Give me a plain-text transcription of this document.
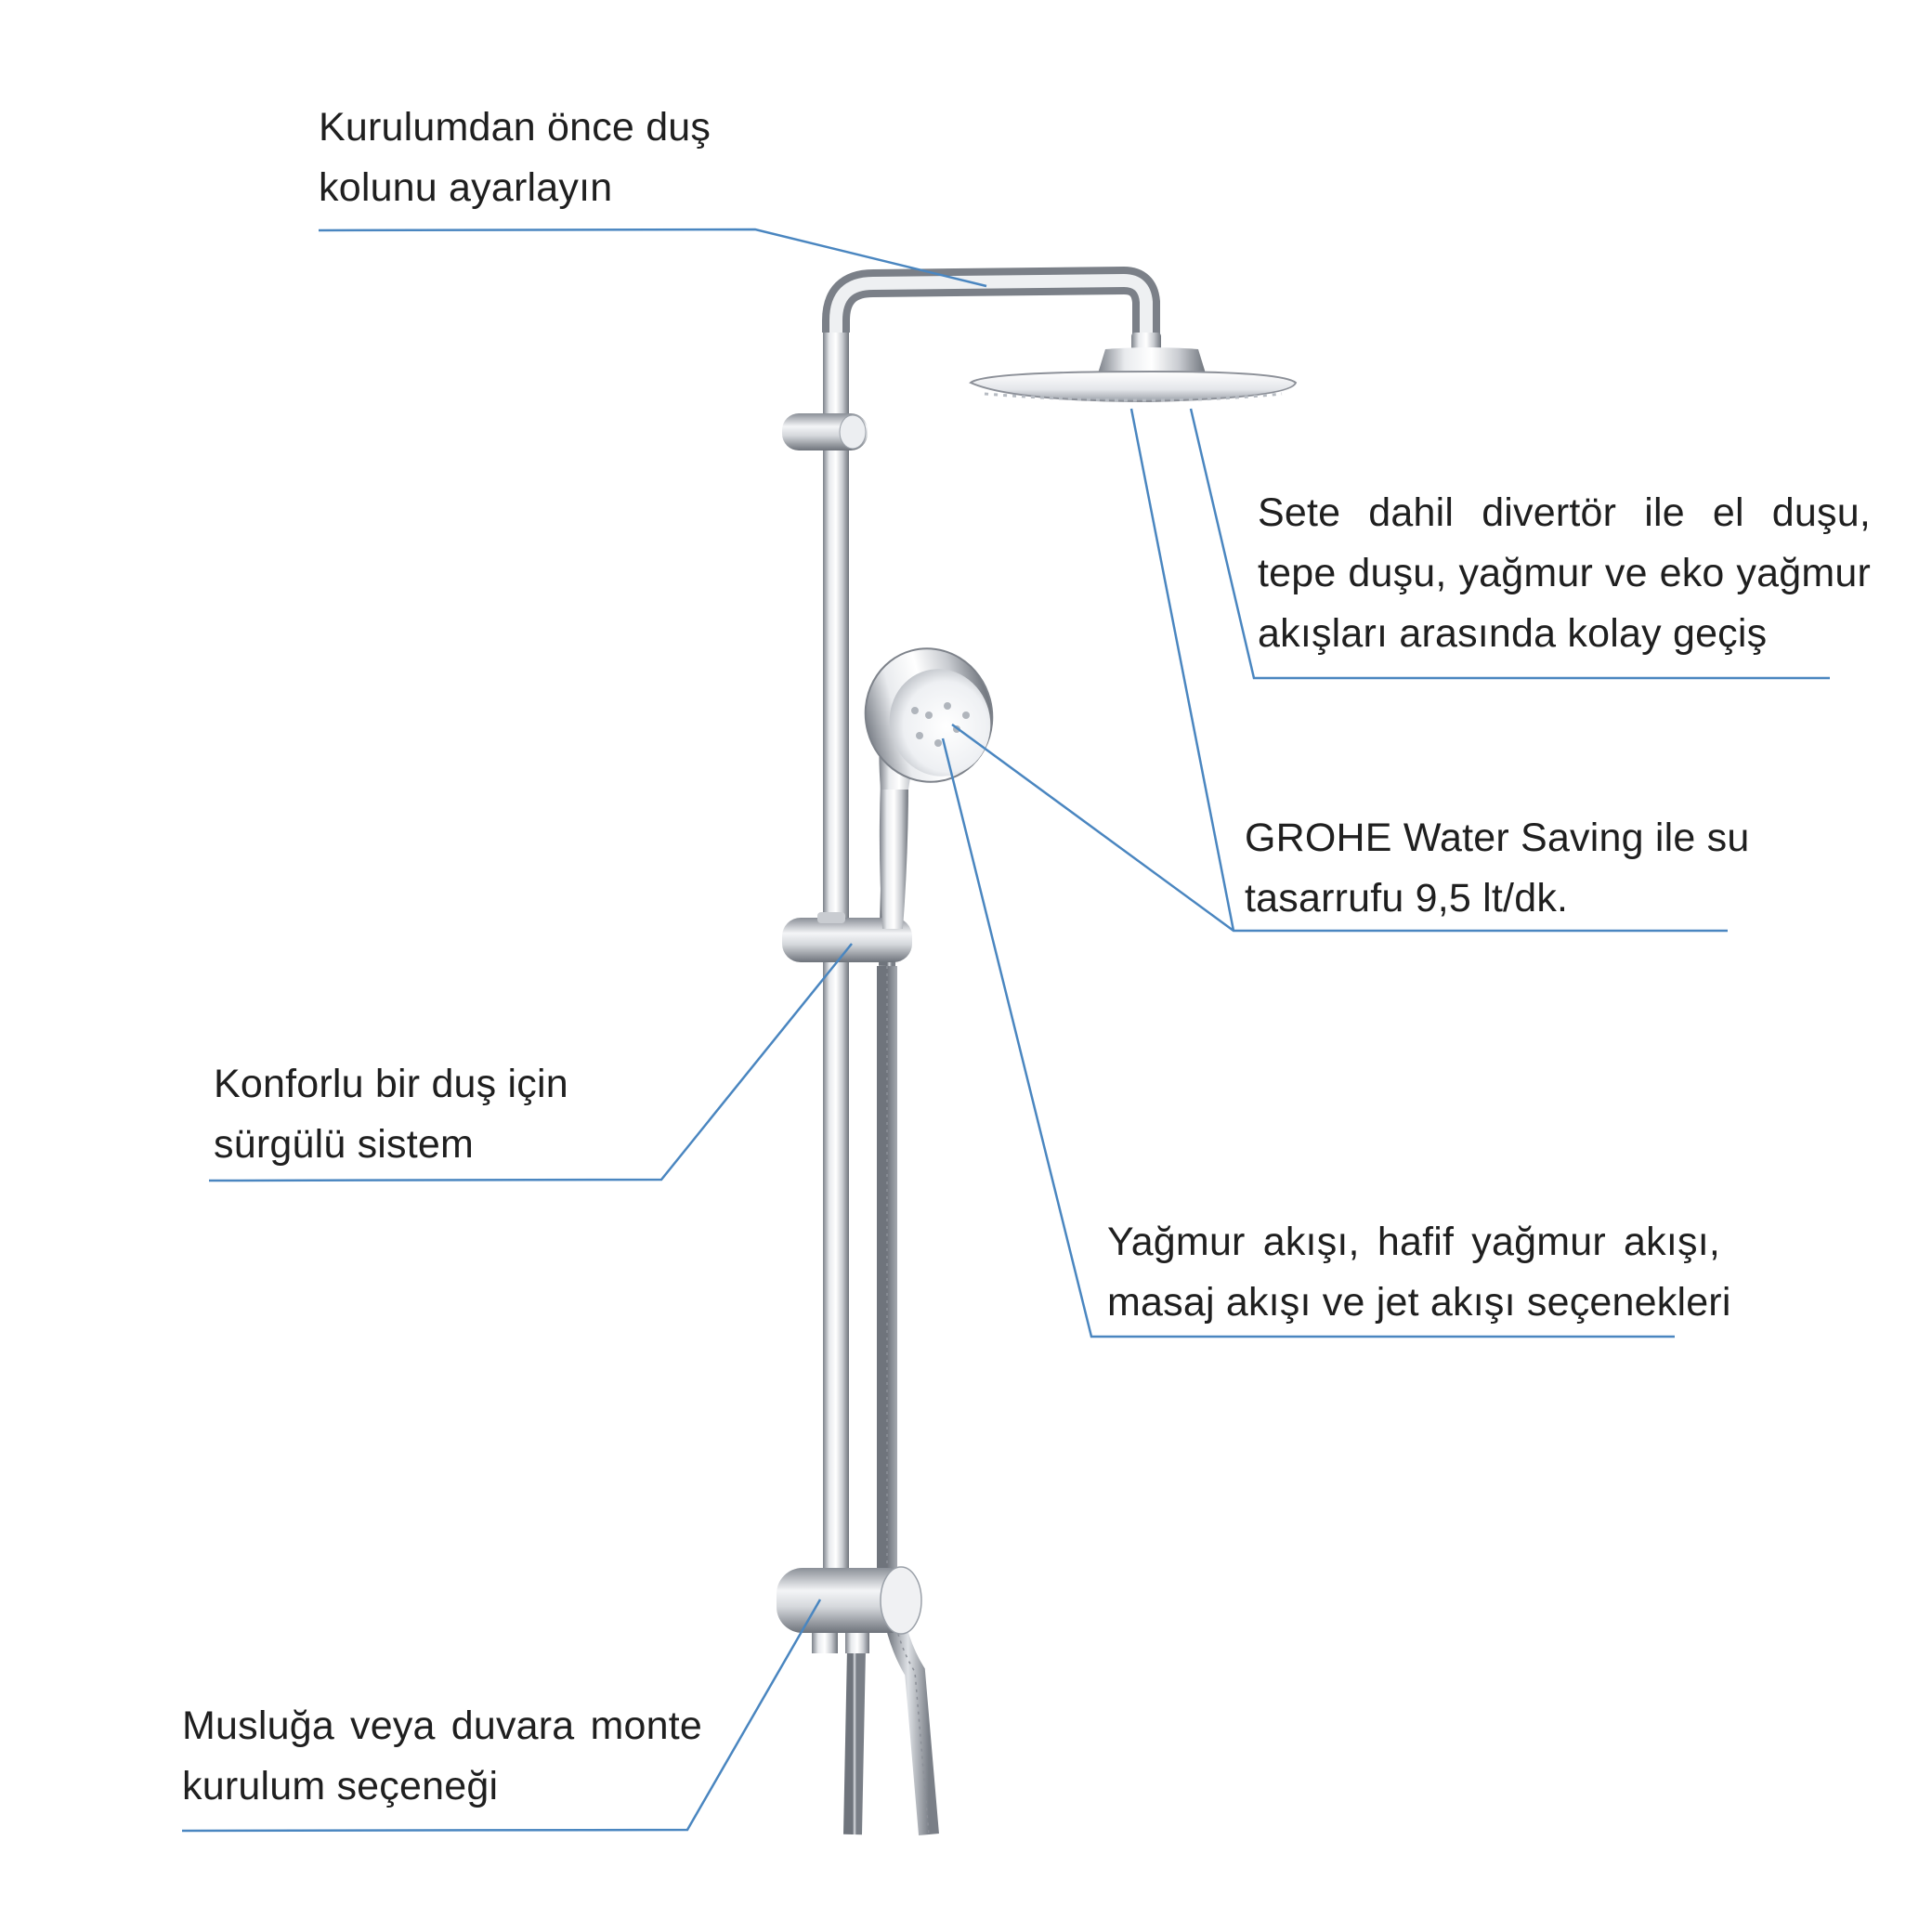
Kurulumdan önce duş
kolunu ayarlayın
Sete dahil divertör ile el duşu,
tepe duşu, yağmur ve eko yağmur
akışları arasında kolay geçiş
GROHE Water Saving ile su
tasarrufu 9,5 lt/dk.
Konforlu bir duş için
sürgülü sistem
Yağmur akışı, hafif yağmur akışı,
masaj akışı ve jet akışı seçenekleri
Musluğa veya duvara monte
kurulum seçeneği
